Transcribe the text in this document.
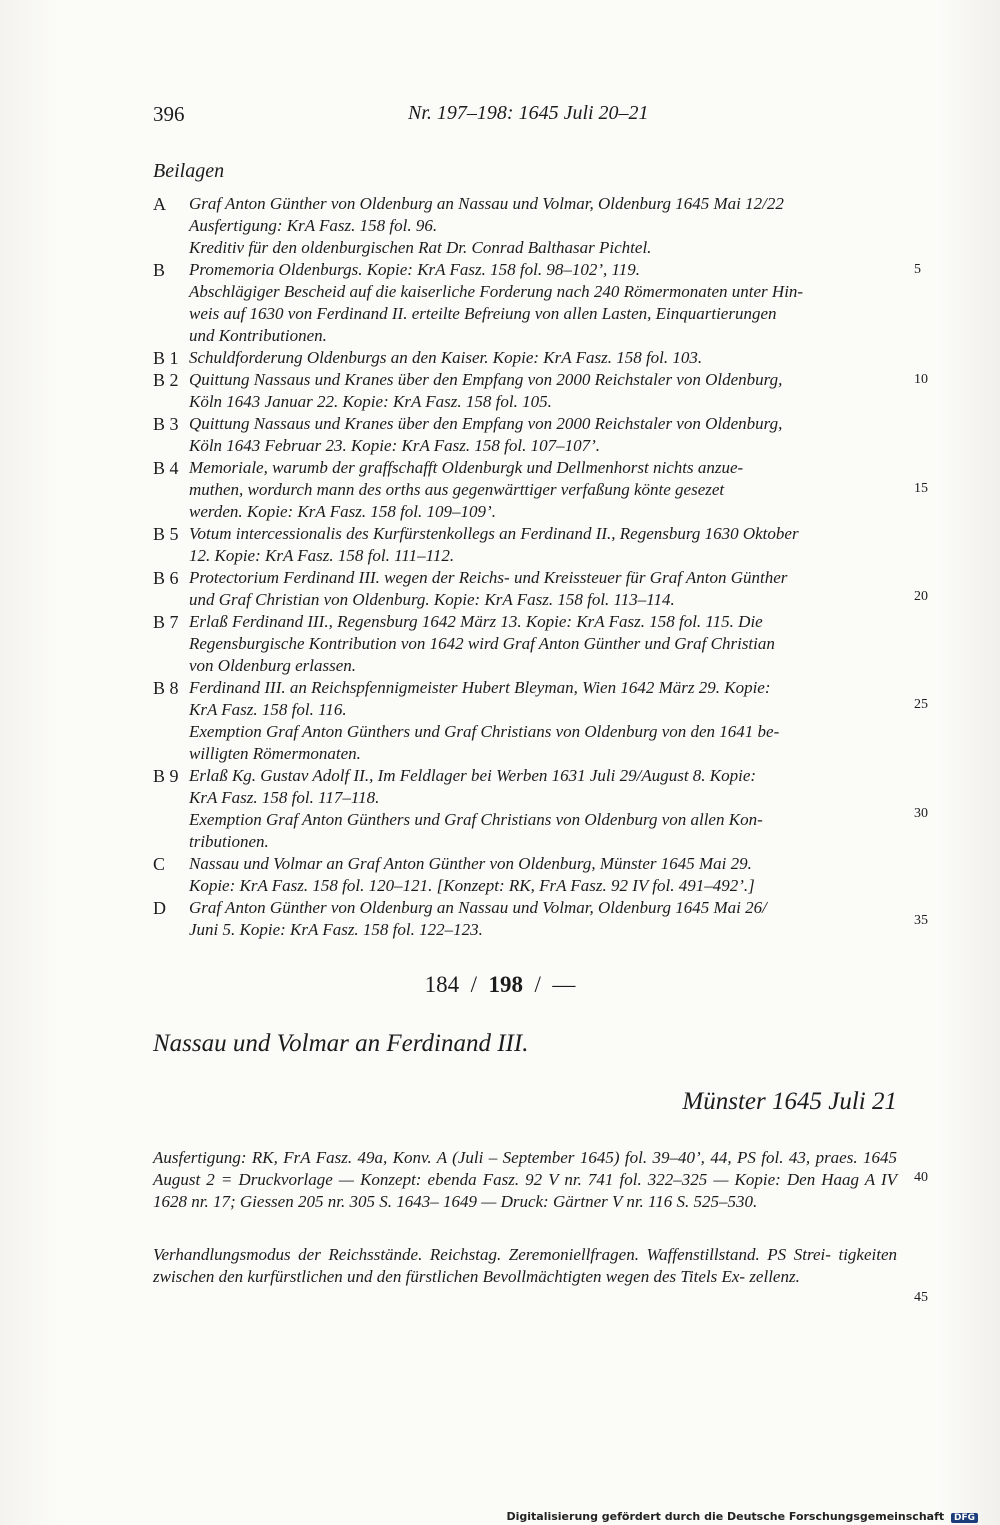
396	Nr. 197–198: 1645 Juli 20–21
Beilagen
A Graf Anton Günther von Oldenburg an Nassau und Volmar, Oldenburg 1645 Mai 12/22
Ausfertigung: KrA Fasz. 158 fol. 96.
Kreditiv für den oldenburgischen Rat Dr. Conrad Balthasar Pichtel.
B Promemoria Oldenburgs. Kopie: KrA Fasz. 158 fol. 98–102’, 119.
Abschlägiger Bescheid auf die kaiserliche Forderung nach 240 Römermonaten unter Hin-
weis auf 1630 von Ferdinand II. erteilte Befreiung von allen Lasten, Einquartierungen
und Kontributionen.
B 1 Schuldforderung Oldenburgs an den Kaiser. Kopie: KrA Fasz. 158 fol. 103.
B 2 Quittung Nassaus und Kranes über den Empfang von 2000 Reichstaler von Oldenburg,
Köln 1643 Januar 22. Kopie: KrA Fasz. 158 fol. 105.
B 3 Quittung Nassaus und Kranes über den Empfang von 2000 Reichstaler von Oldenburg,
Köln 1643 Februar 23. Kopie: KrA Fasz. 158 fol. 107–107’.
B 4 Memoriale, warumb der graffschafft Oldenburgk und Dellmenhorst nichts anzue-
muthen, wordurch mann des orths aus gegenwärttiger verfaßung könte gesezet
werden. Kopie: KrA Fasz. 158 fol. 109–109’.
B 5 Votum intercessionalis des Kurfürstenkollegs an Ferdinand II., Regensburg 1630 Oktober
12. Kopie: KrA Fasz. 158 fol. 111–112.
B 6 Protectorium Ferdinand III. wegen der Reichs- und Kreissteuer für Graf Anton Günther
und Graf Christian von Oldenburg. Kopie: KrA Fasz. 158 fol. 113–114.
B 7 Erlaß Ferdinand III., Regensburg 1642 März 13. Kopie: KrA Fasz. 158 fol. 115. Die
Regensburgische Kontribution von 1642 wird Graf Anton Günther und Graf Christian
von Oldenburg erlassen.
B 8 Ferdinand III. an Reichspfennigmeister Hubert Bleyman, Wien 1642 März 29. Kopie:
KrA Fasz. 158 fol. 116.
Exemption Graf Anton Günthers und Graf Christians von Oldenburg von den 1641 be-
willigten Römermonaten.
B 9 Erlaß Kg. Gustav Adolf II., Im Feldlager bei Werben 1631 Juli 29/August 8. Kopie:
KrA Fasz. 158 fol. 117–118.
Exemption Graf Anton Günthers und Graf Christians von Oldenburg von allen Kon-
tributionen.
C Nassau und Volmar an Graf Anton Günther von Oldenburg, Münster 1645 Mai 29.
Kopie: KrA Fasz. 158 fol. 120–121. [Konzept: RK, FrA Fasz. 92 IV fol. 491–492’.]
D Graf Anton Günther von Oldenburg an Nassau und Volmar, Oldenburg 1645 Mai 26/
Juni 5. Kopie: KrA Fasz. 158 fol. 122–123.
5
10
15
20
25
30
35
40
45
184 / 198 / —
Nassau und Volmar an Ferdinand III.
Münster 1645 Juli 21
Ausfertigung: RK, FrA Fasz. 49a, Konv. A (Juli – September 1645) fol. 39–40’, 44, PS fol. 43, praes. 1645 August 2 = Druckvorlage — Konzept: ebenda Fasz. 92 V nr. 741 fol. 322–325 — Kopie: Den Haag A IV 1628 nr. 17; Giessen 205 nr. 305 S. 1643– 1649 — Druck: Gärtner V nr. 116 S. 525–530.
Verhandlungsmodus der Reichsstände. Reichstag. Zeremoniellfragen. Waffenstillstand. PS Strei- tigkeiten zwischen den kurfürstlichen und den fürstlichen Bevollmächtigten wegen des Titels Ex- zellenz.
Digitalisierung gefördert durch die Deutsche Forschungsgemeinschaft DFG
